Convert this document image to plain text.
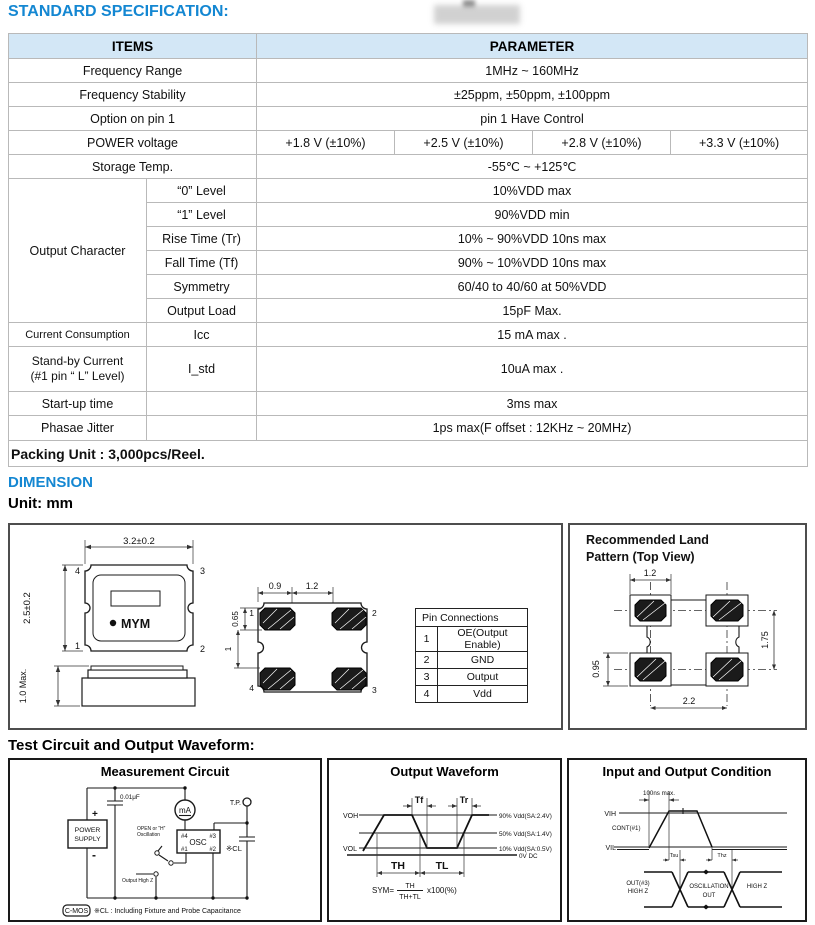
STANDARD SPECIFICATION:
ITEMS		PARAMETER			
Frequency Range		1MHz ~ 160MHz			
Frequency Stability		±25ppm, ±50ppm, ±100ppm			
Option on pin 1		pin 1 Have Control			
POWER voltage		+1.8 V (±10%)	+2.5 V (±10%)	+2.8 V (±10%)	+3.3 V (±10%)
Storage Temp.		-55℃ ~ +125℃			
Output Character	“0” Level	10%VDD max			
	“1” Level	90%VDD min			
	Rise Time (Tr)	10% ~ 90%VDD 10ns max			
	Fall Time (Tf)	90% ~ 10%VDD 10ns max			
	Symmetry	60/40 to 40/60 at 50%VDD			
	Output Load	15pF Max.			
Current Consumption	Icc	15 mA max .			
Stand-by Current
(#1 pin “ L” Level)	I_std	10uA max .			
Start-up time		3ms max			
Phasae Jitter		1ps max(F offset : 12KHz ~ 20MHz)			
Packing Unit : 3,000pcs/Reel.					
DIMENSION
Unit: mm
3.2±0.2
MYM
4	3
1	2
2.5±0.2
1.0 Max.
0.9	1.2
0.65
1
1	2
4	3
Pin Connections	
1	OE(Output Enable)
2	GND
3	Output
4	Vdd
Recommended Land
Pattern (Top View)
1.2
1.75
0.95
2.2
Test Circuit and Output Waveform:
Measurement Circuit
POWER
SUPPLY
+
-
0.01μF
mA
OSC
#4	#3
#1	#2
OPEN or “H”
Oscillation
Output High Z
T.P.
※CL
C-MOS ※CL : Including Fixture and Probe Capacitance
Output Waveform
VOH
VOL
90% Vdd(SA:2.4V)
50% Vdd(SA:1.4V)
10% Vdd(SA:0.5V)
0V DC
Tf	Tr
TH	TL
SYM= TH
TH+TL
x100(%)
Input and Output Condition
VIH
VIL
CONT(#1)
100ns max.
Tsu	Thz
OUT(#3)
HIGH Z
OSCILLATION
OUT
HIGH Z
